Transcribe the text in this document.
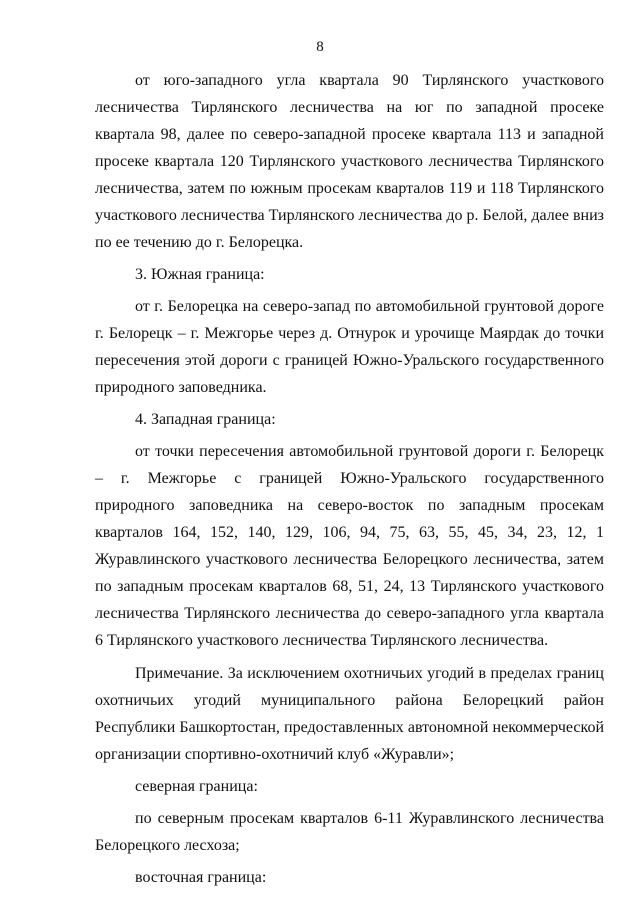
8

от юго-западного угла квартала 90 Тирлянского участкового лесничества Тирлянского лесничества на юг по западной просеке квартала 98, далее по северо-западной просеке квартала 113 и западной просеке квартала 120 Тирлянского участкового лесничества Тирлянского лесничества, затем по южным просекам кварталов 119 и 118 Тирлянского участкового лесничества Тирлянского лесничества до р. Белой, далее вниз по ее течению до г. Белорецка.

3. Южная граница:

от г. Белорецка на северо-запад по автомобильной грунтовой дороге г. Белорецк – г. Межгорье через д. Отнурок и урочище Маярдак до точки пересечения этой дороги с границей Южно-Уральского государственного природного заповедника.

4. Западная граница:

от точки пересечения автомобильной грунтовой дороги г. Белорецк – г. Межгорье с границей Южно-Уральского государственного природного заповедника на северо-восток по западным просекам кварталов 164, 152, 140, 129, 106, 94, 75, 63, 55, 45, 34, 23, 12, 1 Журавлинского участкового лесничества Белорецкого лесничества, затем по западным просекам кварталов 68, 51, 24, 13 Тирлянского участкового лесничества Тирлянского лесничества до северо-западного угла квартала 6 Тирлянского участкового лесничества Тирлянского лесничества.

Примечание. За исключением охотничьих угодий в пределах границ охотничьих угодий муниципального района Белорецкий район Республики Башкортостан, предоставленных автономной некоммерческой организации спортивно-охотничий клуб «Журавли»;

северная граница:

по северным просекам кварталов 6-11 Журавлинского лесничества Белорецкого лесхоза;

восточная граница:
